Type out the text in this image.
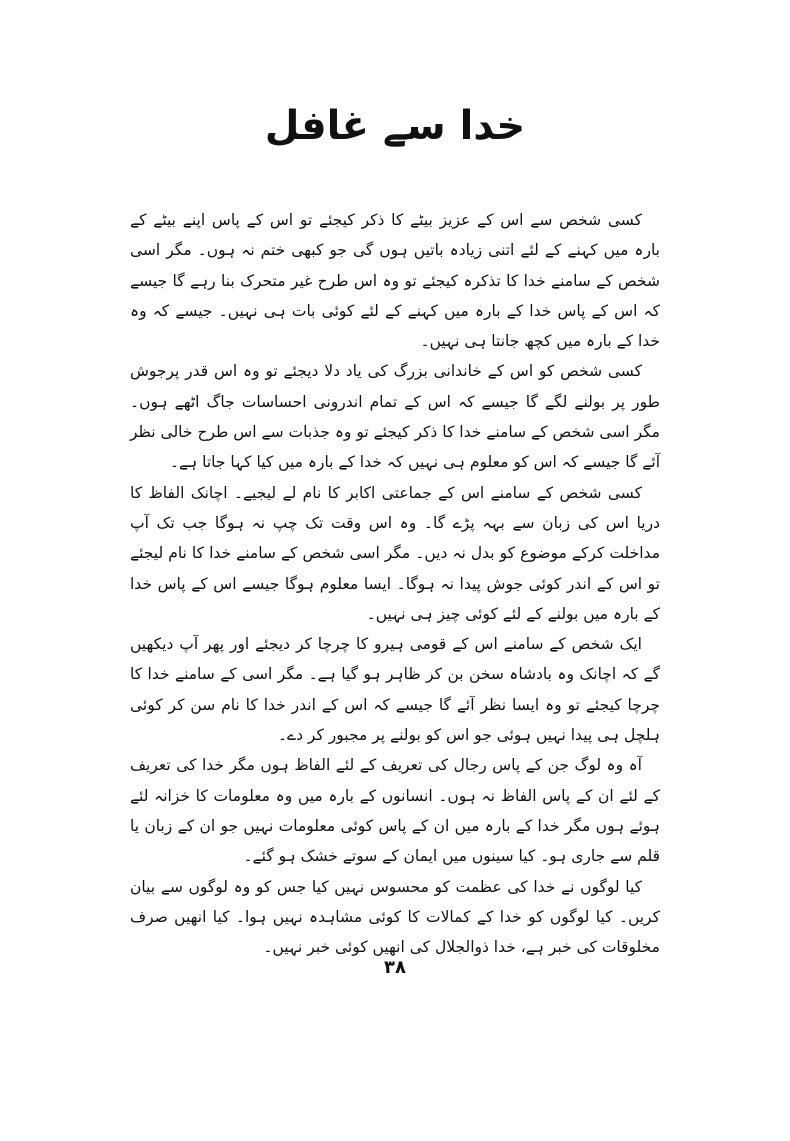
خدا سے غافل

کسی شخص سے اس کے عزیز بیٹے کا ذکر کیجئے تو اس کے پاس اپنے بیٹے کے بارہ میں کہنے کے لئے اتنی زیادہ باتیں ہوں گی جو کبھی ختم نہ ہوں۔ مگر اسی شخص کے سامنے خدا کا تذکرہ کیجئے تو وہ اس طرح غیر متحرک بنا رہے گا جیسے کہ اس کے پاس خدا کے بارہ میں کہنے کے لئے کوئی بات ہی نہیں۔ جیسے کہ وہ خدا کے بارہ میں کچھ جانتا ہی نہیں۔

کسی شخص کو اس کے خاندانی بزرگ کی یاد دلا دیجئے تو وہ اس قدر پرجوش طور پر بولنے لگے گا جیسے کہ اس کے تمام اندرونی احساسات جاگ اٹھے ہوں۔ مگر اسی شخص کے سامنے خدا کا ذکر کیجئے تو وہ جذبات سے اس طرح خالی نظر آئے گا جیسے کہ اس کو معلوم ہی نہیں کہ خدا کے بارہ میں کیا کہا جاتا ہے۔

کسی شخص کے سامنے اس کے جماعتی اکابر کا نام لے لیجیے۔ اچانک الفاظ کا دریا اس کی زبان سے بہہ پڑے گا۔ وہ اس وقت تک چپ نہ ہوگا جب تک آپ مداخلت کرکے موضوع کو بدل نہ دیں۔ مگر اسی شخص کے سامنے خدا کا نام لیجئے تو اس کے اندر کوئی جوش پیدا نہ ہوگا۔ ایسا معلوم ہوگا جیسے اس کے پاس خدا کے بارہ میں بولنے کے لئے کوئی چیز ہی نہیں۔

ایک شخص کے سامنے اس کے قومی ہیرو کا چرچا کر دیجئے اور پھر آپ دیکھیں گے کہ اچانک وہ بادشاہ سخن بن کر ظاہر ہو گیا ہے۔ مگر اسی کے سامنے خدا کا چرچا کیجئے تو وہ ایسا نظر آئے گا جیسے کہ اس کے اندر خدا کا نام سن کر کوئی ہلچل ہی پیدا نہیں ہوئی جو اس کو بولنے پر مجبور کر دے۔

آہ وہ لوگ جن کے پاس رجال کی تعریف کے لئے الفاظ ہوں مگر خدا کی تعریف کے لئے ان کے پاس الفاظ نہ ہوں۔ انسانوں کے بارہ میں وہ معلومات کا خزانہ لئے ہوئے ہوں مگر خدا کے بارہ میں ان کے پاس کوئی معلومات نہیں جو ان کے زبان یا قلم سے جاری ہو۔ کیا سینوں میں ایمان کے سوتے خشک ہو گئے۔

کیا لوگوں نے خدا کی عظمت کو محسوس نہیں کیا جس کو وہ لوگوں سے بیان کریں۔ کیا لوگوں کو خدا کے کمالات کا کوئی مشاہدہ نہیں ہوا۔ کیا انھیں صرف مخلوقات کی خبر ہے، خدا ذوالجلال کی انھیں کوئی خبر نہیں۔

۳۸
